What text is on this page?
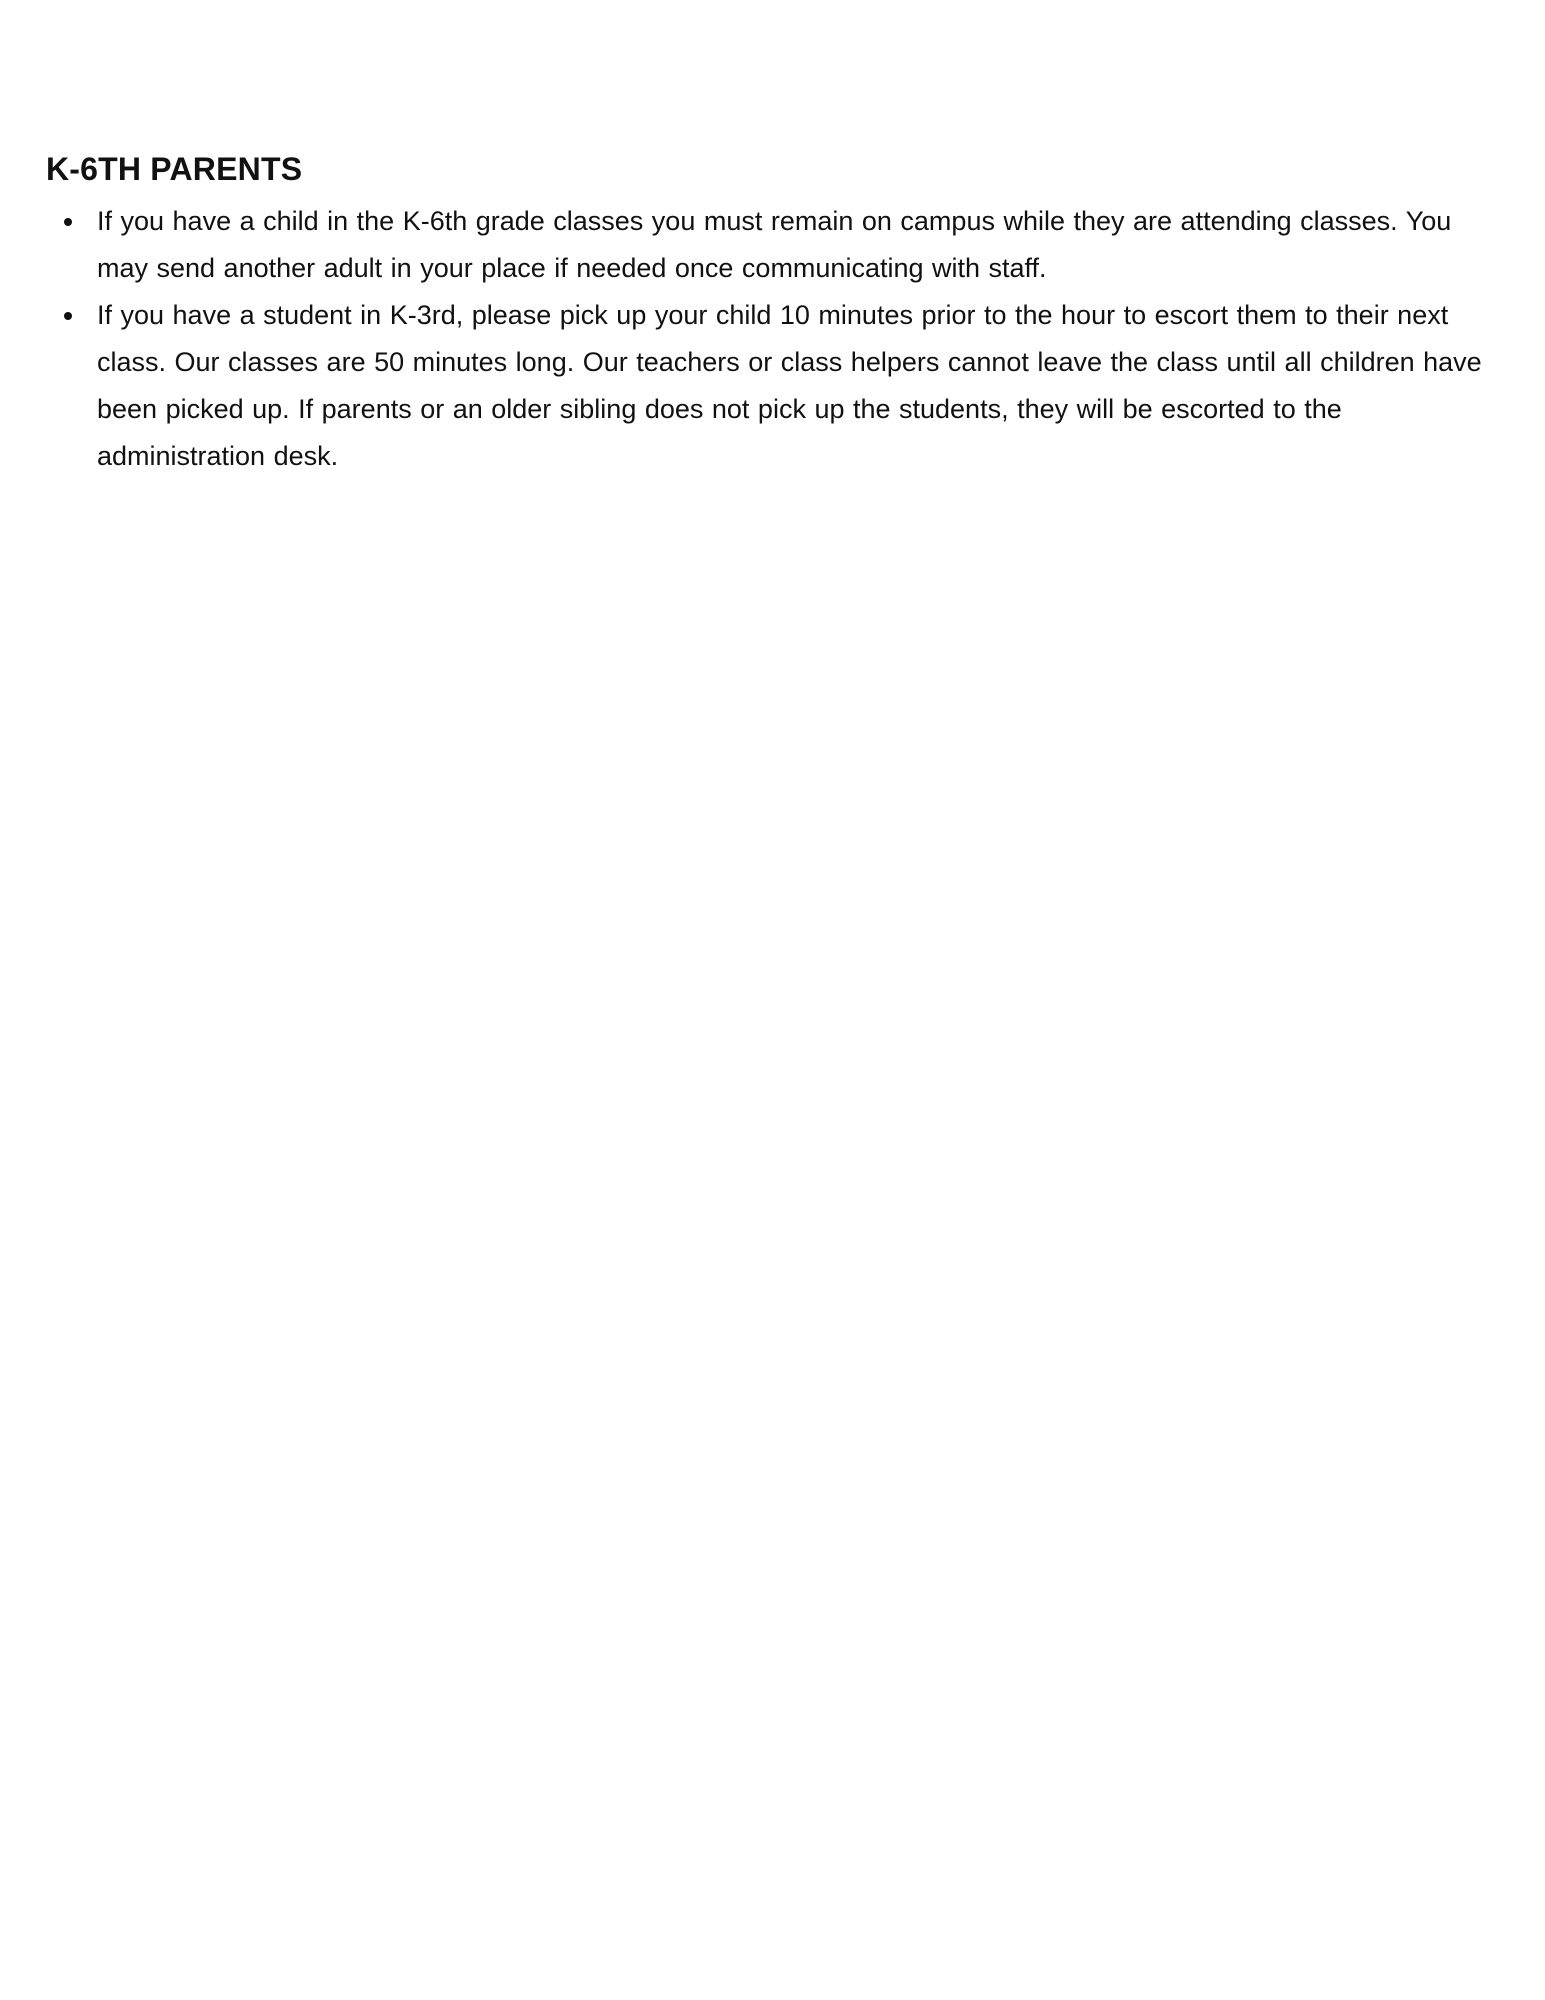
K-6TH PARENTS
If you have a child in the K-6th grade classes you must remain on campus while they are attending classes. You may send another adult in your place if needed once communicating with staff.
If you have a student in K-3rd, please pick up your child 10 minutes prior to the hour to escort them to their next class. Our classes are 50 minutes long. Our teachers or class helpers cannot leave the class until all children have been picked up. If parents or an older sibling does not pick up the students, they will be escorted to the administration desk.
